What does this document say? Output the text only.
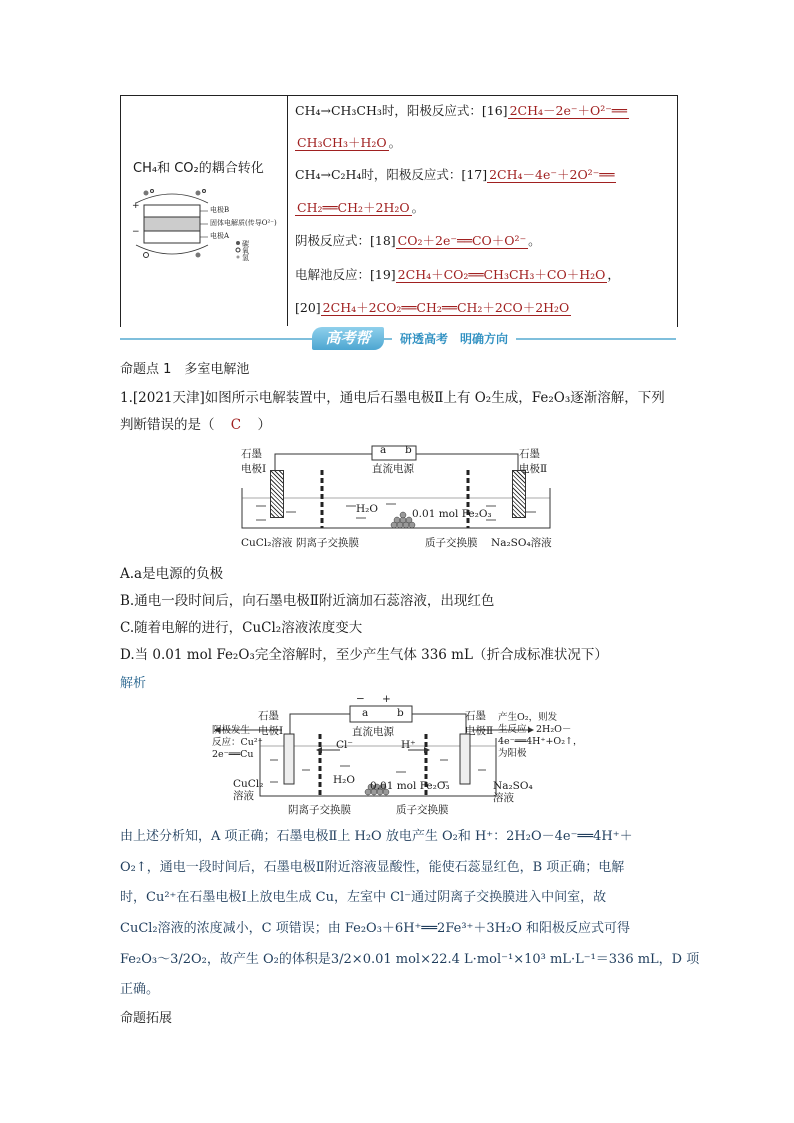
CH₄和 CO₂的耦合转化
+
−
电极B
固体电解质(传导O²⁻)
电极A
碳
氧
氢
CH₄→CH₃CH₃时，阳极反应式：[16] 2CH₄－2e⁻＋O²⁻══
CH₃CH₃＋H₂O 。
CH₄→C₂H₄时，阳极反应式：[17] 2CH₄－4e⁻＋2O²⁻══
CH₂══CH₂＋2H₂O 。
阴极反应式：[18] CO₂＋2e⁻══CO＋O²⁻ 。
电解池反应：[19] 2CH₄＋CO₂══CH₃CH₃＋CO＋H₂O ，
[20] 2CH₄＋2CO₂══CH₂══CH₂＋2CO＋2H₂O
高考帮	研透高考　明确方向
命题点 1　多室电解池
1.[2021天津]如图所示电解装置中，通电后石墨电极Ⅱ上有 O₂生成，Fe₂O₃逐渐溶解，下列
判断错误的是（ C ）
石墨
电极Ⅰ
石墨
电极Ⅱ
a b
直流电源
H₂O	0.01 mol Fe₂O₃
CuCl₂溶液 阴离子交换膜	质子交换膜 Na₂SO₄溶液
A.a是电源的负极
B.通电一段时间后，向石墨电极Ⅱ附近滴加石蕊溶液，出现红色
C.随着电解的进行，CuCl₂溶液浓度变大
D.当 0.01 mol Fe₂O₃完全溶解时，至少产生气体 336 mL（折合成标准状况下）
解析
− +
a	b
直流电源
石墨
电极Ⅰ
石墨
电极Ⅱ
阴极发生
反应：Cu²⁺
2e⁻══Cu
产生O₂，则发
生反应：2H₂O－
4e⁻══4H⁺+O₂↑，
为阳极
Cl⁻	H⁺
H₂O 0.01 mol Fe₂O₃
CuCl₂
溶液
Na₂SO₄
溶液
阴离子交换膜	质子交换膜
由上述分析知，A 项正确；石墨电极Ⅱ上 H₂O 放电产生 O₂和 H⁺：2H₂O－4e⁻══4H⁺＋
O₂↑，通电一段时间后，石墨电极Ⅱ附近溶液显酸性，能使石蕊显红色，B 项正确；电解
时，Cu²⁺在石墨电极Ⅰ上放电生成 Cu，左室中 Cl⁻通过阴离子交换膜进入中间室，故
CuCl₂溶液的浓度减小，C 项错误；由 Fe₂O₃＋6H⁺══2Fe³⁺＋3H₂O 和阳极反应式可得
Fe₂O₃～3/2O₂，故产生 O₂的体积是3/2×0.01 mol×22.4 L·mol⁻¹×10³ mL·L⁻¹＝336 mL，D 项
正确。
命题拓展
